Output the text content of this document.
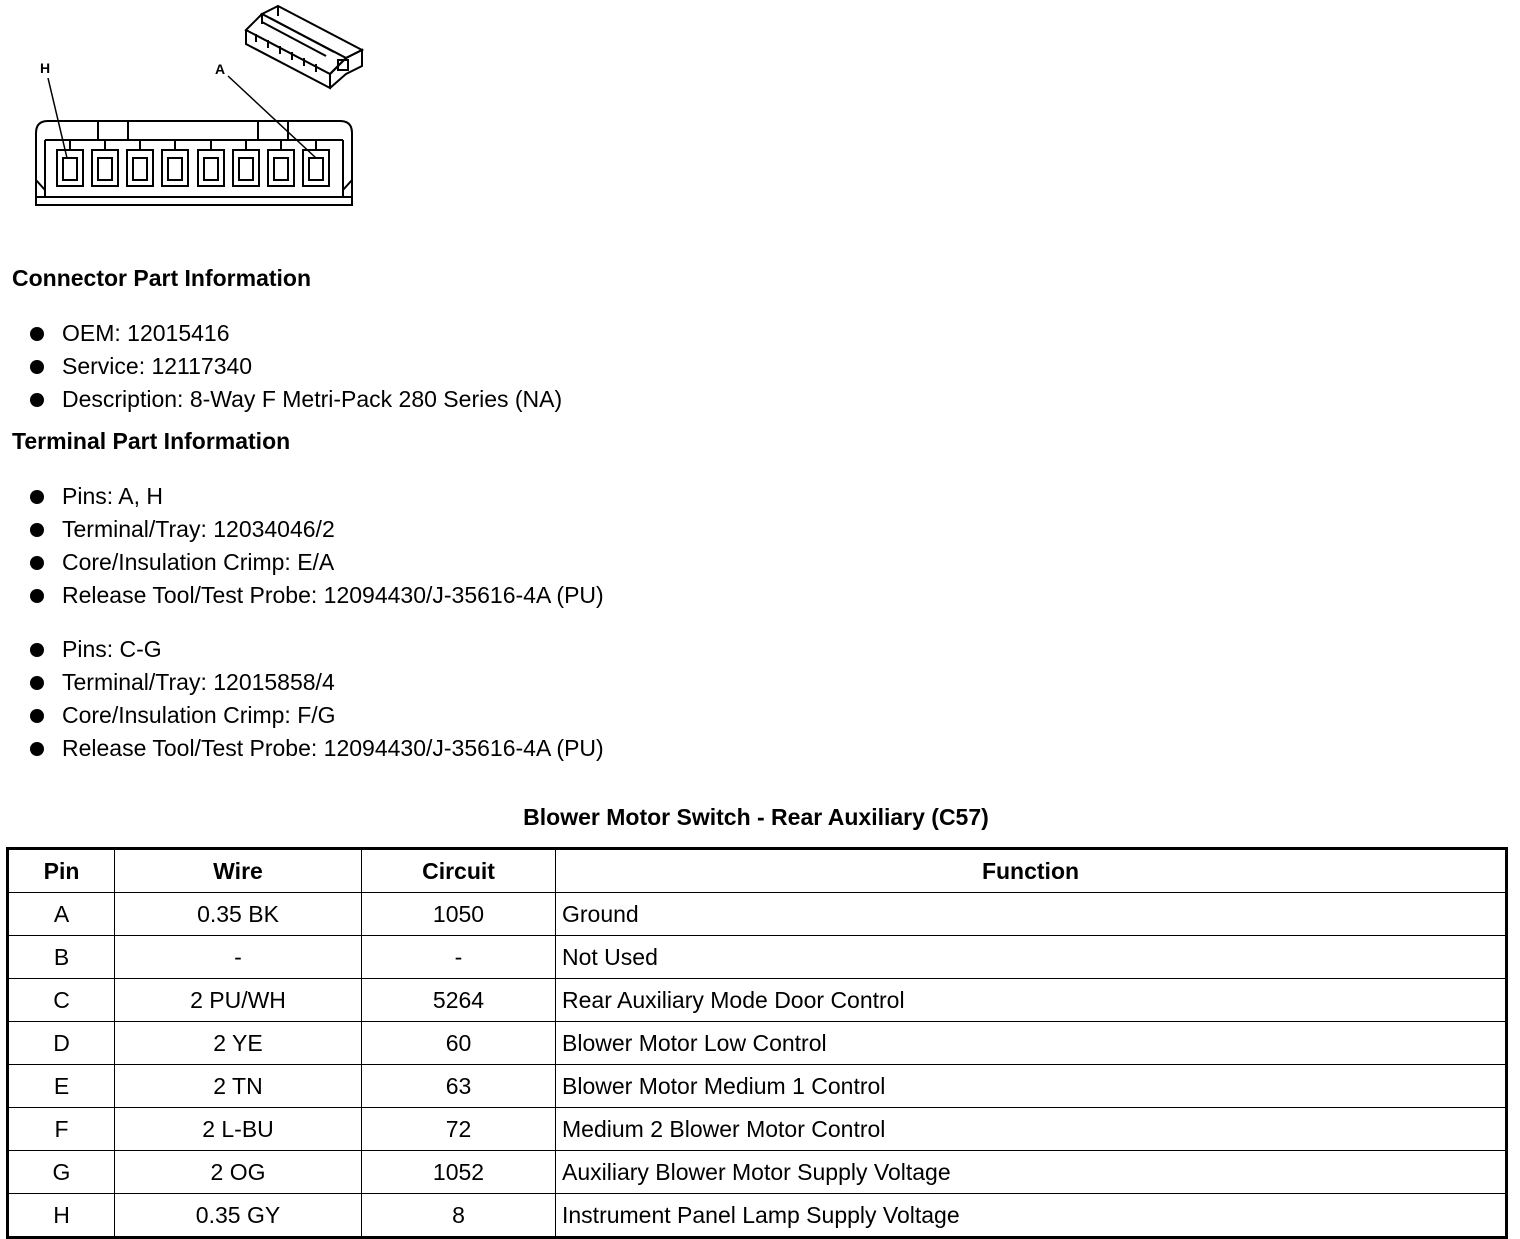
H	A
Connector Part Information
OEM: 12015416
Service: 12117340
Description: 8-Way F Metri-Pack 280 Series (NA)
Terminal Part Information
Pins: A, H
Terminal/Tray: 12034046/2
Core/Insulation Crimp: E/A
Release Tool/Test Probe: 12094430/J-35616-4A (PU)
Pins: C-G
Terminal/Tray: 12015858/4
Core/Insulation Crimp: F/G
Release Tool/Test Probe: 12094430/J-35616-4A (PU)
Blower Motor Switch - Rear Auxiliary (C57)
Pin	Wire	Circuit	Function
A	0.35 BK	1050	Ground
B	-	-	Not Used
C	2 PU/WH	5264	Rear Auxiliary Mode Door Control
D	2 YE	60	Blower Motor Low Control
E	2 TN	63	Blower Motor Medium 1 Control
F	2 L-BU	72	Medium 2 Blower Motor Control
G	2 OG	1052	Auxiliary Blower Motor Supply Voltage
H	0.35 GY	8	Instrument Panel Lamp Supply Voltage
